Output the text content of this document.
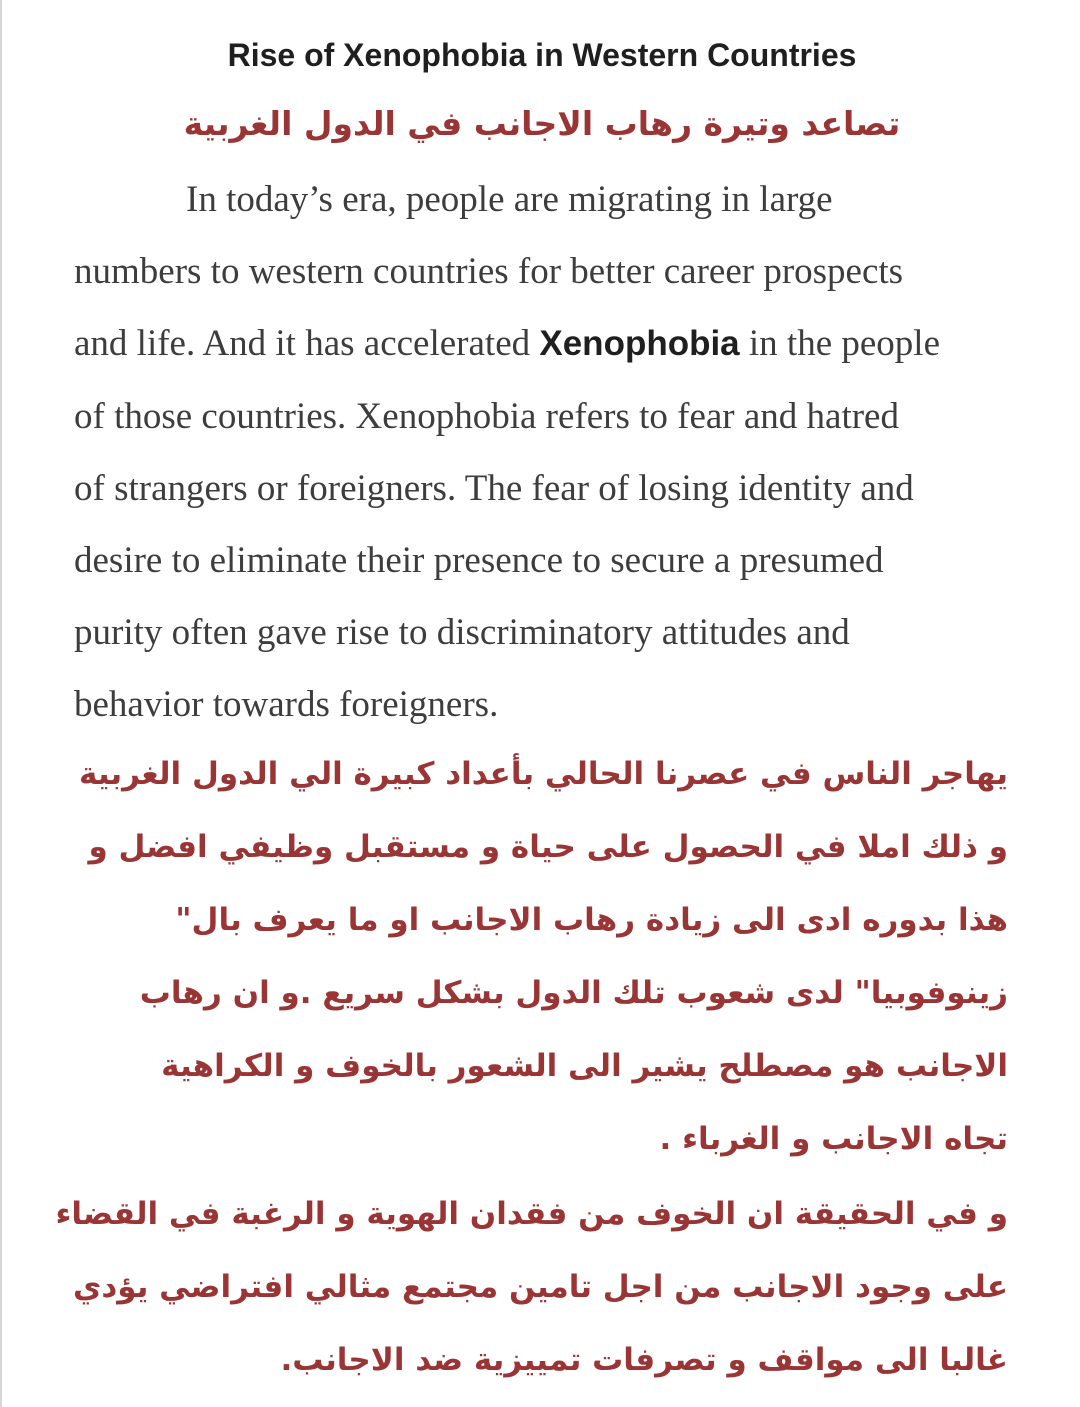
Rise of Xenophobia in Western Countries
تصاعد وتيرة رهاب الاجانب في الدول الغربية
In today’s era, people are migrating in large
numbers to western countries for better career prospects
and life. And it has accelerated Xenophobia in the people
of those countries. Xenophobia refers to fear and hatred
of strangers or foreigners. The fear of losing identity and
desire to eliminate their presence to secure a presumed
purity often gave rise to discriminatory attitudes and
behavior towards foreigners.
يهاجر الناس في عصرنا الحالي بأعداد كبيرة الي الدول الغربية
و ذلك املا في الحصول على حياة و مستقبل وظيفي افضل و
هذا بدوره ادى الى زيادة رهاب الاجانب او ما يعرف بال"
زينوفوبيا" لدى شعوب تلك الدول بشكل سريع .و ان رهاب
الاجانب هو مصطلح يشير الى الشعور بالخوف و الكراهية
تجاه الاجانب و الغرباء .
و في الحقيقة ان الخوف من فقدان الهوية و الرغبة في القضاء
على وجود الاجانب من اجل تامين مجتمع مثالي افتراضي يؤدي
غالبا الى مواقف و تصرفات تمييزية ضد الاجانب.
